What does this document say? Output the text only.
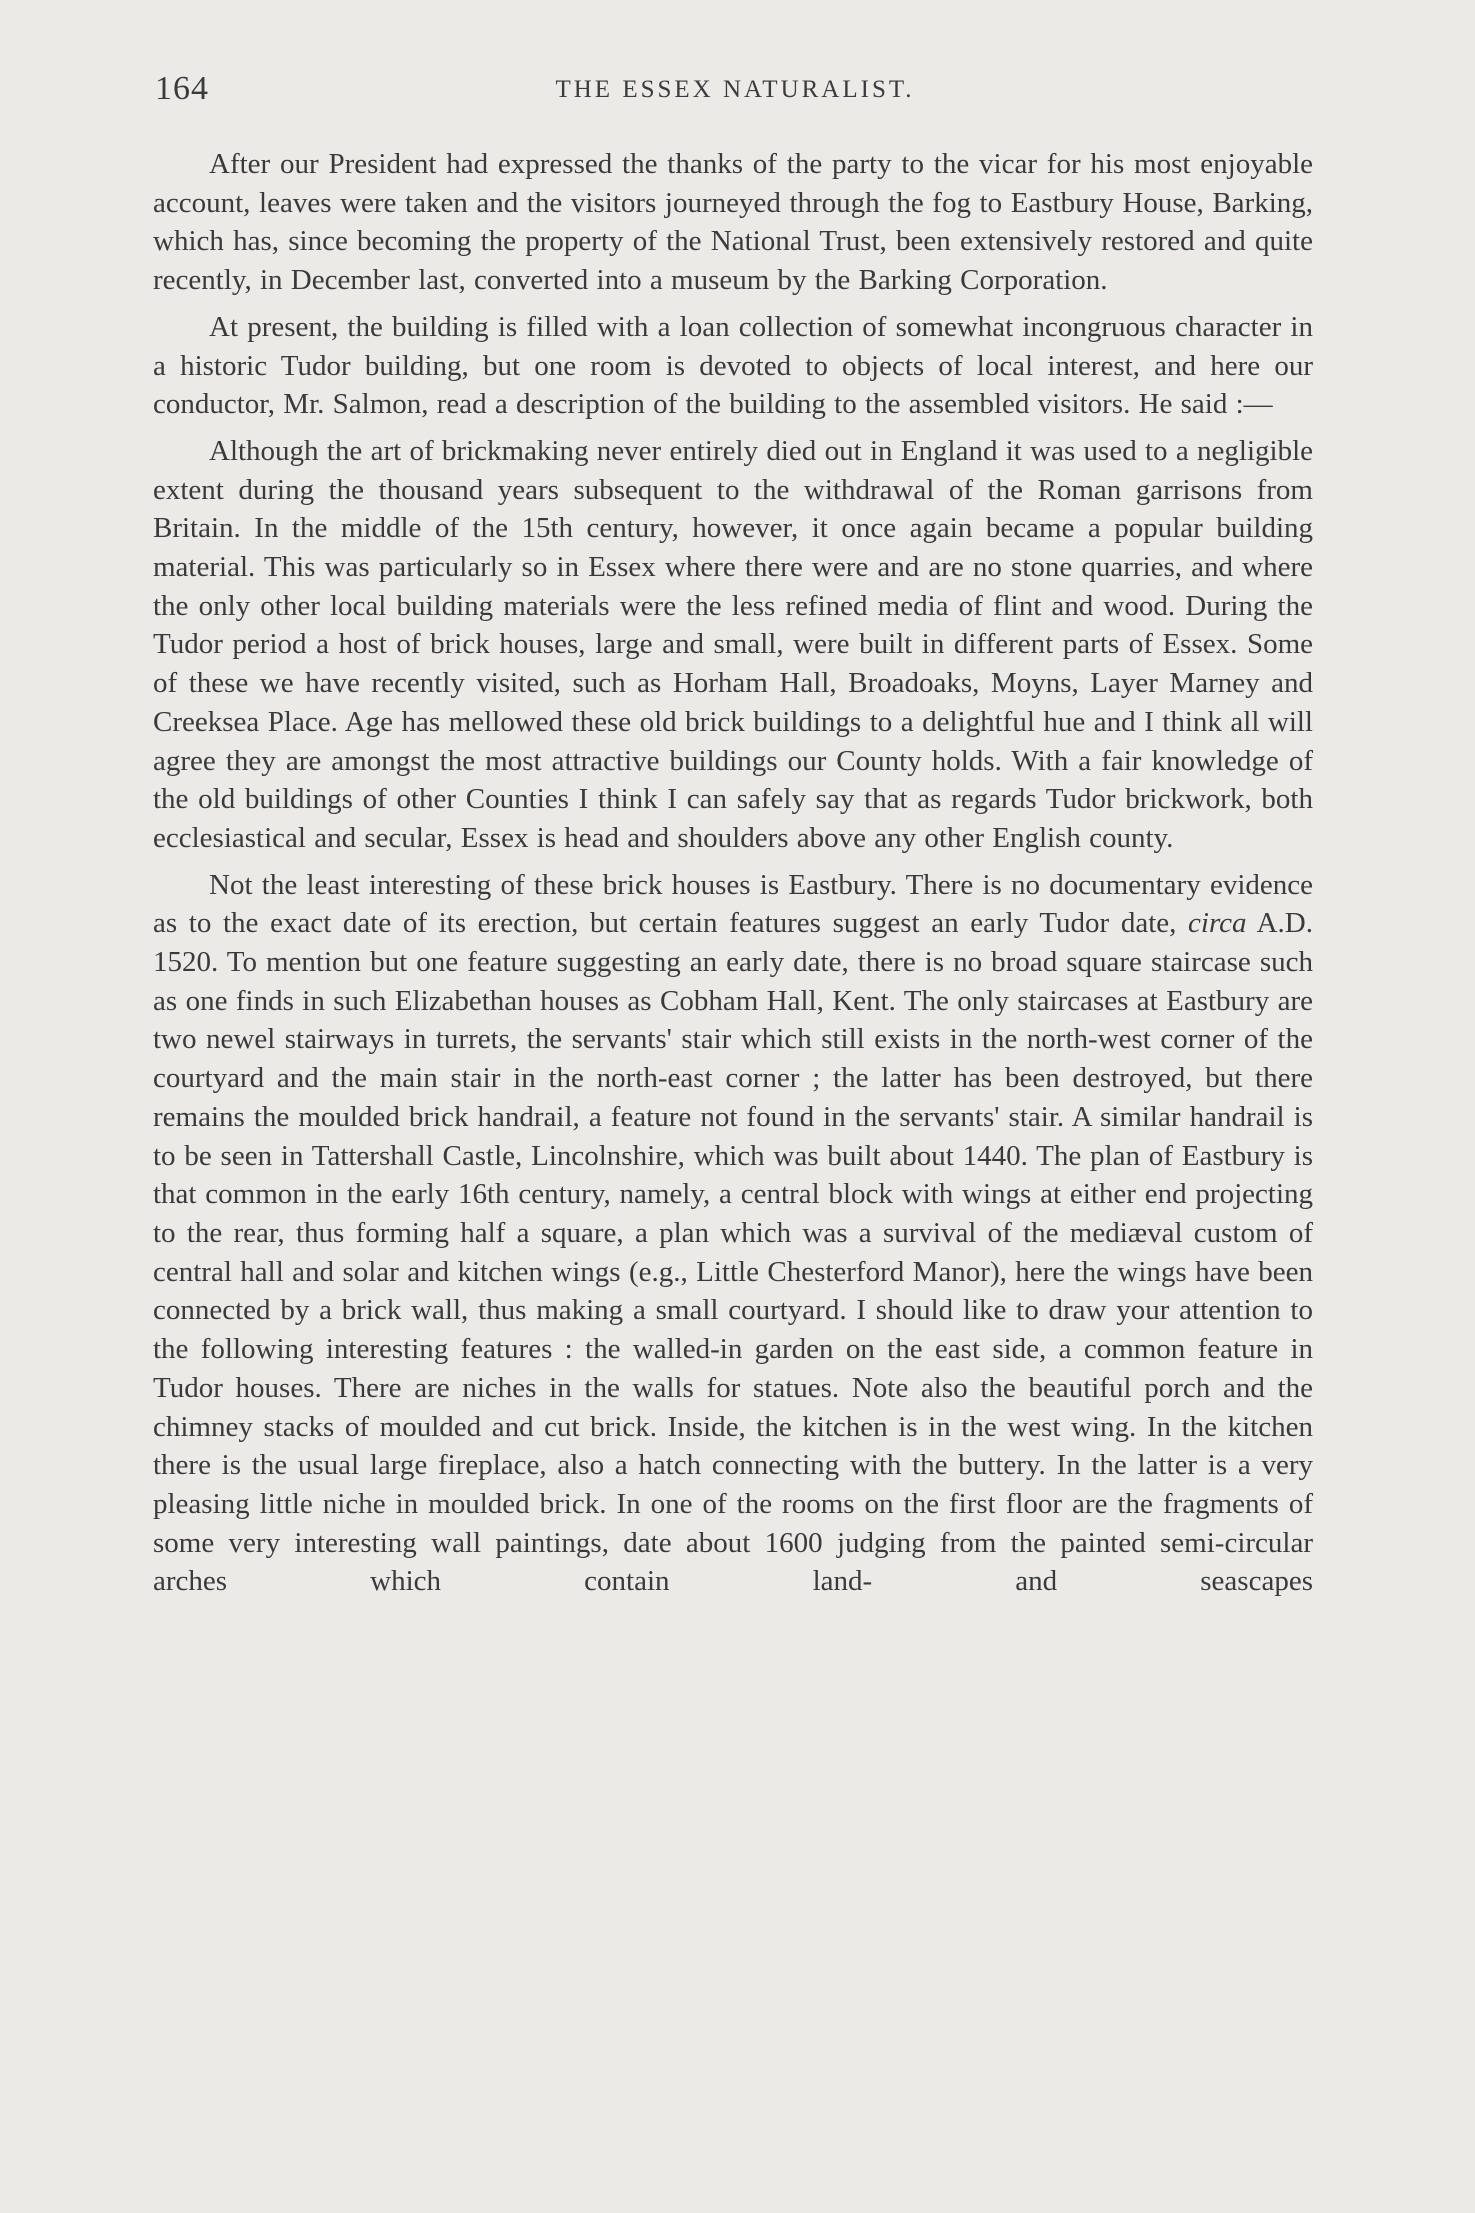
164	THE ESSEX NATURALIST.

After our President had expressed the thanks of the party to the vicar for his most enjoyable account, leaves were taken and the visitors journeyed through the fog to Eastbury House, Barking, which has, since becoming the property of the National Trust, been extensively restored and quite recently, in December last, converted into a museum by the Barking Corporation.

At present, the building is filled with a loan collection of somewhat incongruous character in a historic Tudor building, but one room is devoted to objects of local interest, and here our conductor, Mr. Salmon, read a description of the building to the assembled visitors. He said :—

Although the art of brickmaking never entirely died out in England it was used to a negligible extent during the thousand years subsequent to the withdrawal of the Roman garrisons from Britain. In the middle of the 15th century, however, it once again became a popular building material. This was particularly so in Essex where there were and are no stone quarries, and where the only other local building materials were the less refined media of flint and wood. During the Tudor period a host of brick houses, large and small, were built in different parts of Essex. Some of these we have recently visited, such as Horham Hall, Broadoaks, Moyns, Layer Marney and Creeksea Place. Age has mellowed these old brick buildings to a delightful hue and I think all will agree they are amongst the most attractive buildings our County holds. With a fair knowledge of the old buildings of other Counties I think I can safely say that as regards Tudor brickwork, both ecclesiastical and secular, Essex is head and shoulders above any other English county.

Not the least interesting of these brick houses is Eastbury. There is no documentary evidence as to the exact date of its erection, but certain features suggest an early Tudor date, circa A.D. 1520. To mention but one feature suggesting an early date, there is no broad square staircase such as one finds in such Elizabethan houses as Cobham Hall, Kent. The only staircases at Eastbury are two newel stairways in turrets, the servants' stair which still exists in the north-west corner of the courtyard and the main stair in the north-east corner ; the latter has been destroyed, but there remains the moulded brick handrail, a feature not found in the servants' stair. A similar handrail is to be seen in Tattershall Castle, Lincolnshire, which was built about 1440. The plan of Eastbury is that common in the early 16th century, namely, a central block with wings at either end projecting to the rear, thus forming half a square, a plan which was a survival of the mediæval custom of central hall and solar and kitchen wings (e.g., Little Chesterford Manor), here the wings have been connected by a brick wall, thus making a small courtyard. I should like to draw your attention to the following interesting features : the walled-in garden on the east side, a common feature in Tudor houses. There are niches in the walls for statues. Note also the beautiful porch and the chimney stacks of moulded and cut brick. Inside, the kitchen is in the west wing. In the kitchen there is the usual large fireplace, also a hatch connecting with the buttery. In the latter is a very pleasing little niche in moulded brick. In one of the rooms on the first floor are the fragments of some very interesting wall paintings, date about 1600 judging from the painted semi-circular arches which contain land- and seascapes
